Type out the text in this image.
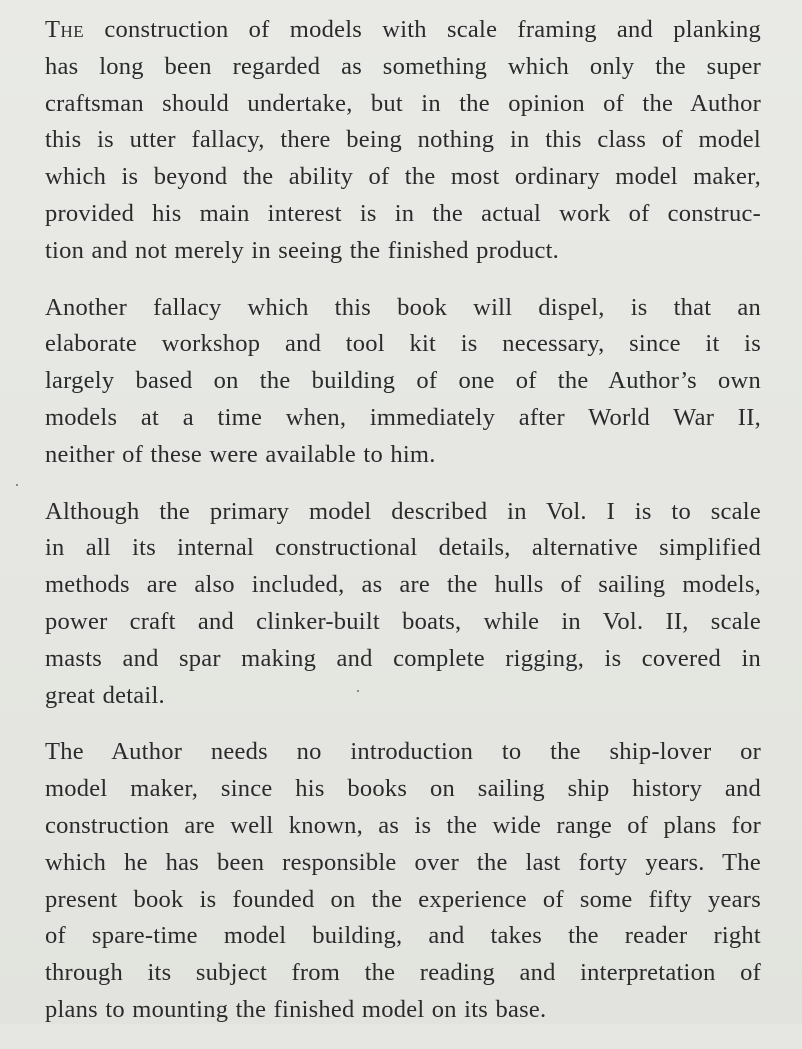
The construction of models with scale framing and planking
has long been regarded as something which only the super
craftsman should undertake, but in the opinion of the Author
this is utter fallacy, there being nothing in this class of model
which is beyond the ability of the most ordinary model maker,
provided his main interest is in the actual work of construc-
tion and not merely in seeing the finished product.
Another fallacy which this book will dispel, is that an
elaborate workshop and tool kit is necessary, since it is
largely based on the building of one of the Author’s own
models at a time when, immediately after World War II,
neither of these were available to him.
Although the primary model described in Vol. I is to scale
in all its internal constructional details, alternative simplified
methods are also included, as are the hulls of sailing models,
power craft and clinker-built boats, while in Vol. II, scale
masts and spar making and complete rigging, is covered in
great detail.
The Author needs no introduction to the ship-lover or
model maker, since his books on sailing ship history and
construction are well known, as is the wide range of plans for
which he has been responsible over the last forty years. The
present book is founded on the experience of some fifty years
of spare-time model building, and takes the reader right
through its subject from the reading and interpretation of
plans to mounting the finished model on its base.
